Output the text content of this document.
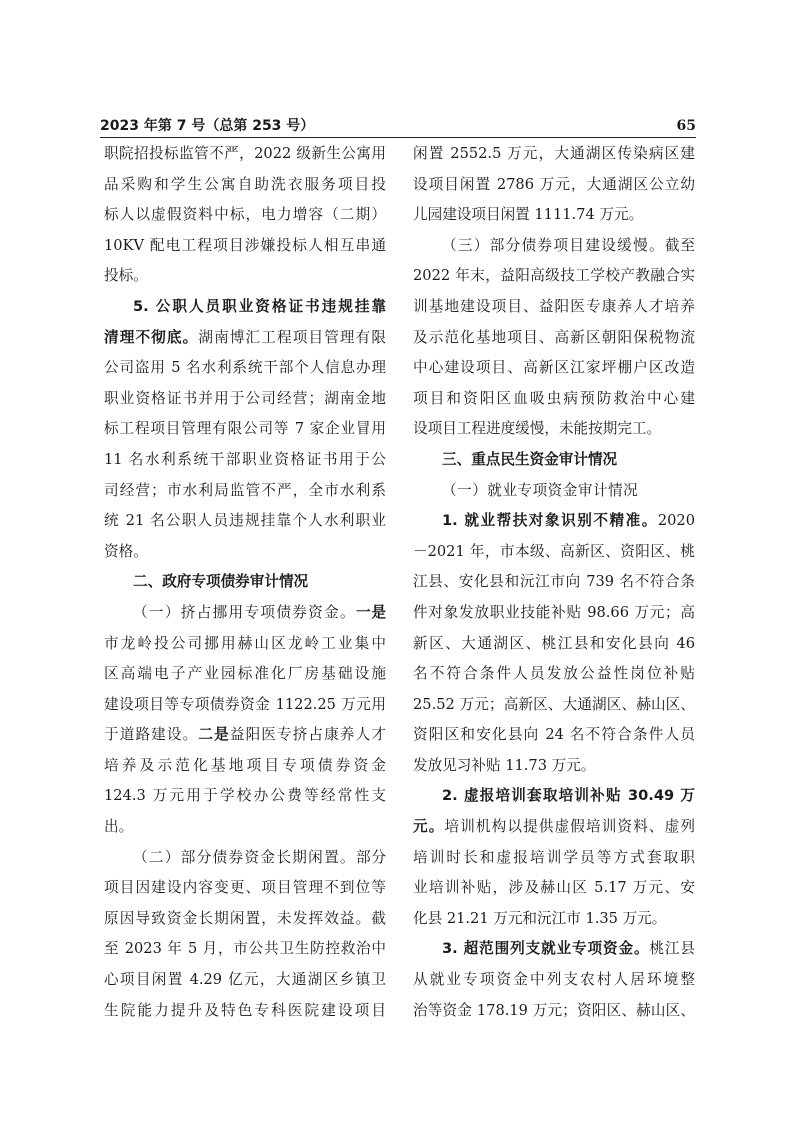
2023 年第 7 号（总第 253 号）	65
职院招投标监管不严，2022 级新生公寓用
品采购和学生公寓自助洗衣服务项目投
标人以虚假资料中标，电力增容（二期）
10KV 配电工程项目涉嫌投标人相互串通
投标。
5. 公职人员职业资格证书违规挂靠
清理不彻底。湖南博汇工程项目管理有限
公司盗用 5 名水利系统干部个人信息办理
职业资格证书并用于公司经营；湖南金地
标工程项目管理有限公司等 7 家企业冒用
11 名水利系统干部职业资格证书用于公
司经营；市水利局监管不严，全市水利系
统 21 名公职人员违规挂靠个人水利职业
资格。
二、政府专项债券审计情况
（一）挤占挪用专项债券资金。一是
市龙岭投公司挪用赫山区龙岭工业集中
区高端电子产业园标准化厂房基础设施
建设项目等专项债券资金 1122.25 万元用
于道路建设。二是益阳医专挤占康养人才
培养及示范化基地项目专项债券资金
124.3 万元用于学校办公费等经常性支
出。
（二）部分债券资金长期闲置。部分
项目因建设内容变更、项目管理不到位等
原因导致资金长期闲置，未发挥效益。截
至 2023 年 5 月，市公共卫生防控救治中
心项目闲置 4.29 亿元，大通湖区乡镇卫
生院能力提升及特色专科医院建设项目
闲置 2552.5 万元，大通湖区传染病区建
设项目闲置 2786 万元，大通湖区公立幼
儿园建设项目闲置 1111.74 万元。
（三）部分债券项目建设缓慢。截至
2022 年末，益阳高级技工学校产教融合实
训基地建设项目、益阳医专康养人才培养
及示范化基地项目、高新区朝阳保税物流
中心建设项目、高新区江家坪棚户区改造
项目和资阳区血吸虫病预防救治中心建
设项目工程进度缓慢，未能按期完工。
三、重点民生资金审计情况
（一）就业专项资金审计情况
1. 就业帮扶对象识别不精准。2020
－2021 年，市本级、高新区、资阳区、桃
江县、安化县和沅江市向 739 名不符合条
件对象发放职业技能补贴 98.66 万元；高
新区、大通湖区、桃江县和安化县向 46
名不符合条件人员发放公益性岗位补贴
25.52 万元；高新区、大通湖区、赫山区、
资阳区和安化县向 24 名不符合条件人员
发放见习补贴 11.73 万元。
2. 虚报培训套取培训补贴 30.49 万
元。培训机构以提供虚假培训资料、虚列
培训时长和虚报培训学员等方式套取职
业培训补贴，涉及赫山区 5.17 万元、安
化县 21.21 万元和沅江市 1.35 万元。
3. 超范围列支就业专项资金。桃江县
从就业专项资金中列支农村人居环境整
治等资金 178.19 万元；资阳区、赫山区、
